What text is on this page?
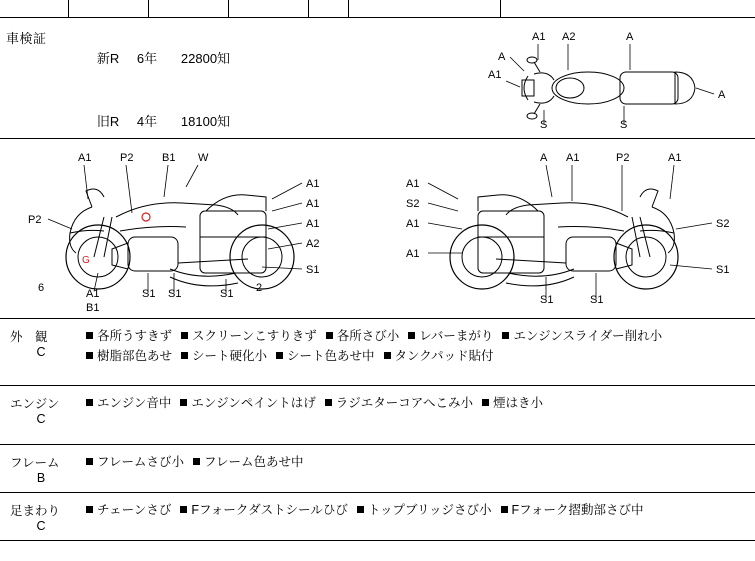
車検証

新R 6年 22800知

旧R 4年 18100知

A1 A2	A
A
A1
S	S
A
G
A1	P2	B1 W
A1
A1
A1
A2
S1
P2
6	A1
B1
S1 S1	S1 2
A1
S2
A1
A1
A A1	P2	A1
S2
S1
S1	S1
外　観
C
各所うすきず スクリーンこすりきず 各所さび小 レバーまがり エンジンスライダー削れ小
樹脂部色あせ シート硬化小 シート色あせ中 タンクパッド貼付
エンジン
C
エンジン音中 エンジンペイントはげ ラジエターコアへこみ小 煙はき小
フレーム
B
フレームさび小 フレーム色あせ中
足まわり
C
チェーンさび Fフォークダストシールひび トップブリッジさび小 Fフォーク摺動部さび中
